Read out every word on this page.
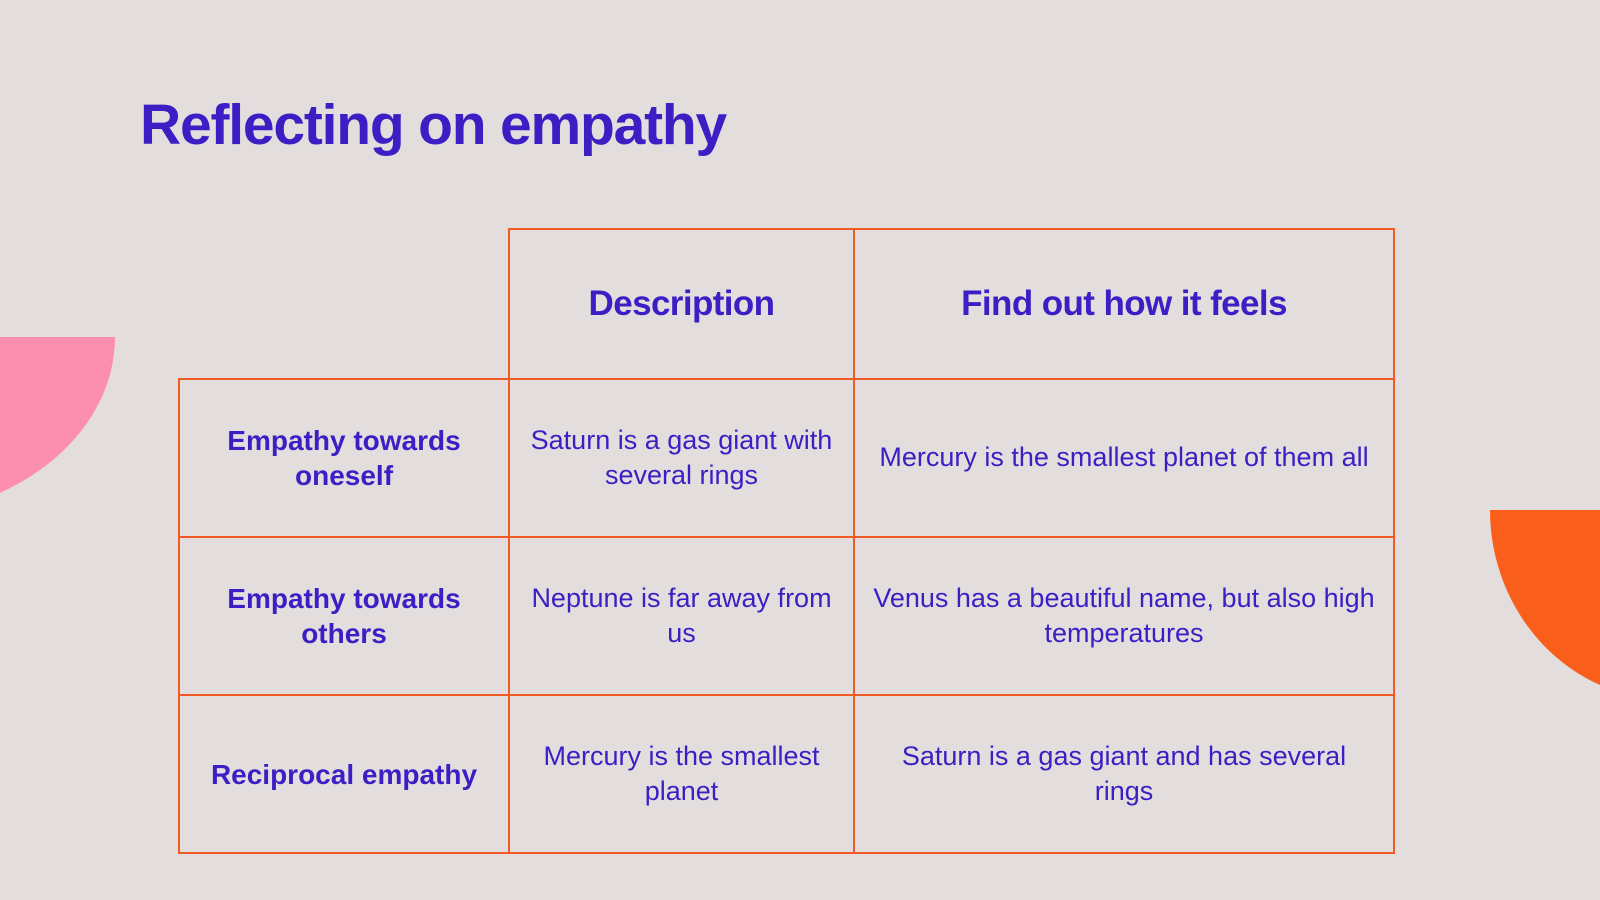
Reflecting on empathy
	Description	Find out how it feels
Empathy towards oneself	Saturn is a gas giant with several rings	Mercury is the smallest planet of them all
Empathy towards others	Neptune is far away from us	Venus has a beautiful name, but also high temperatures
Reciprocal empathy	Mercury is the smallest planet	Saturn is a gas giant and has several rings
